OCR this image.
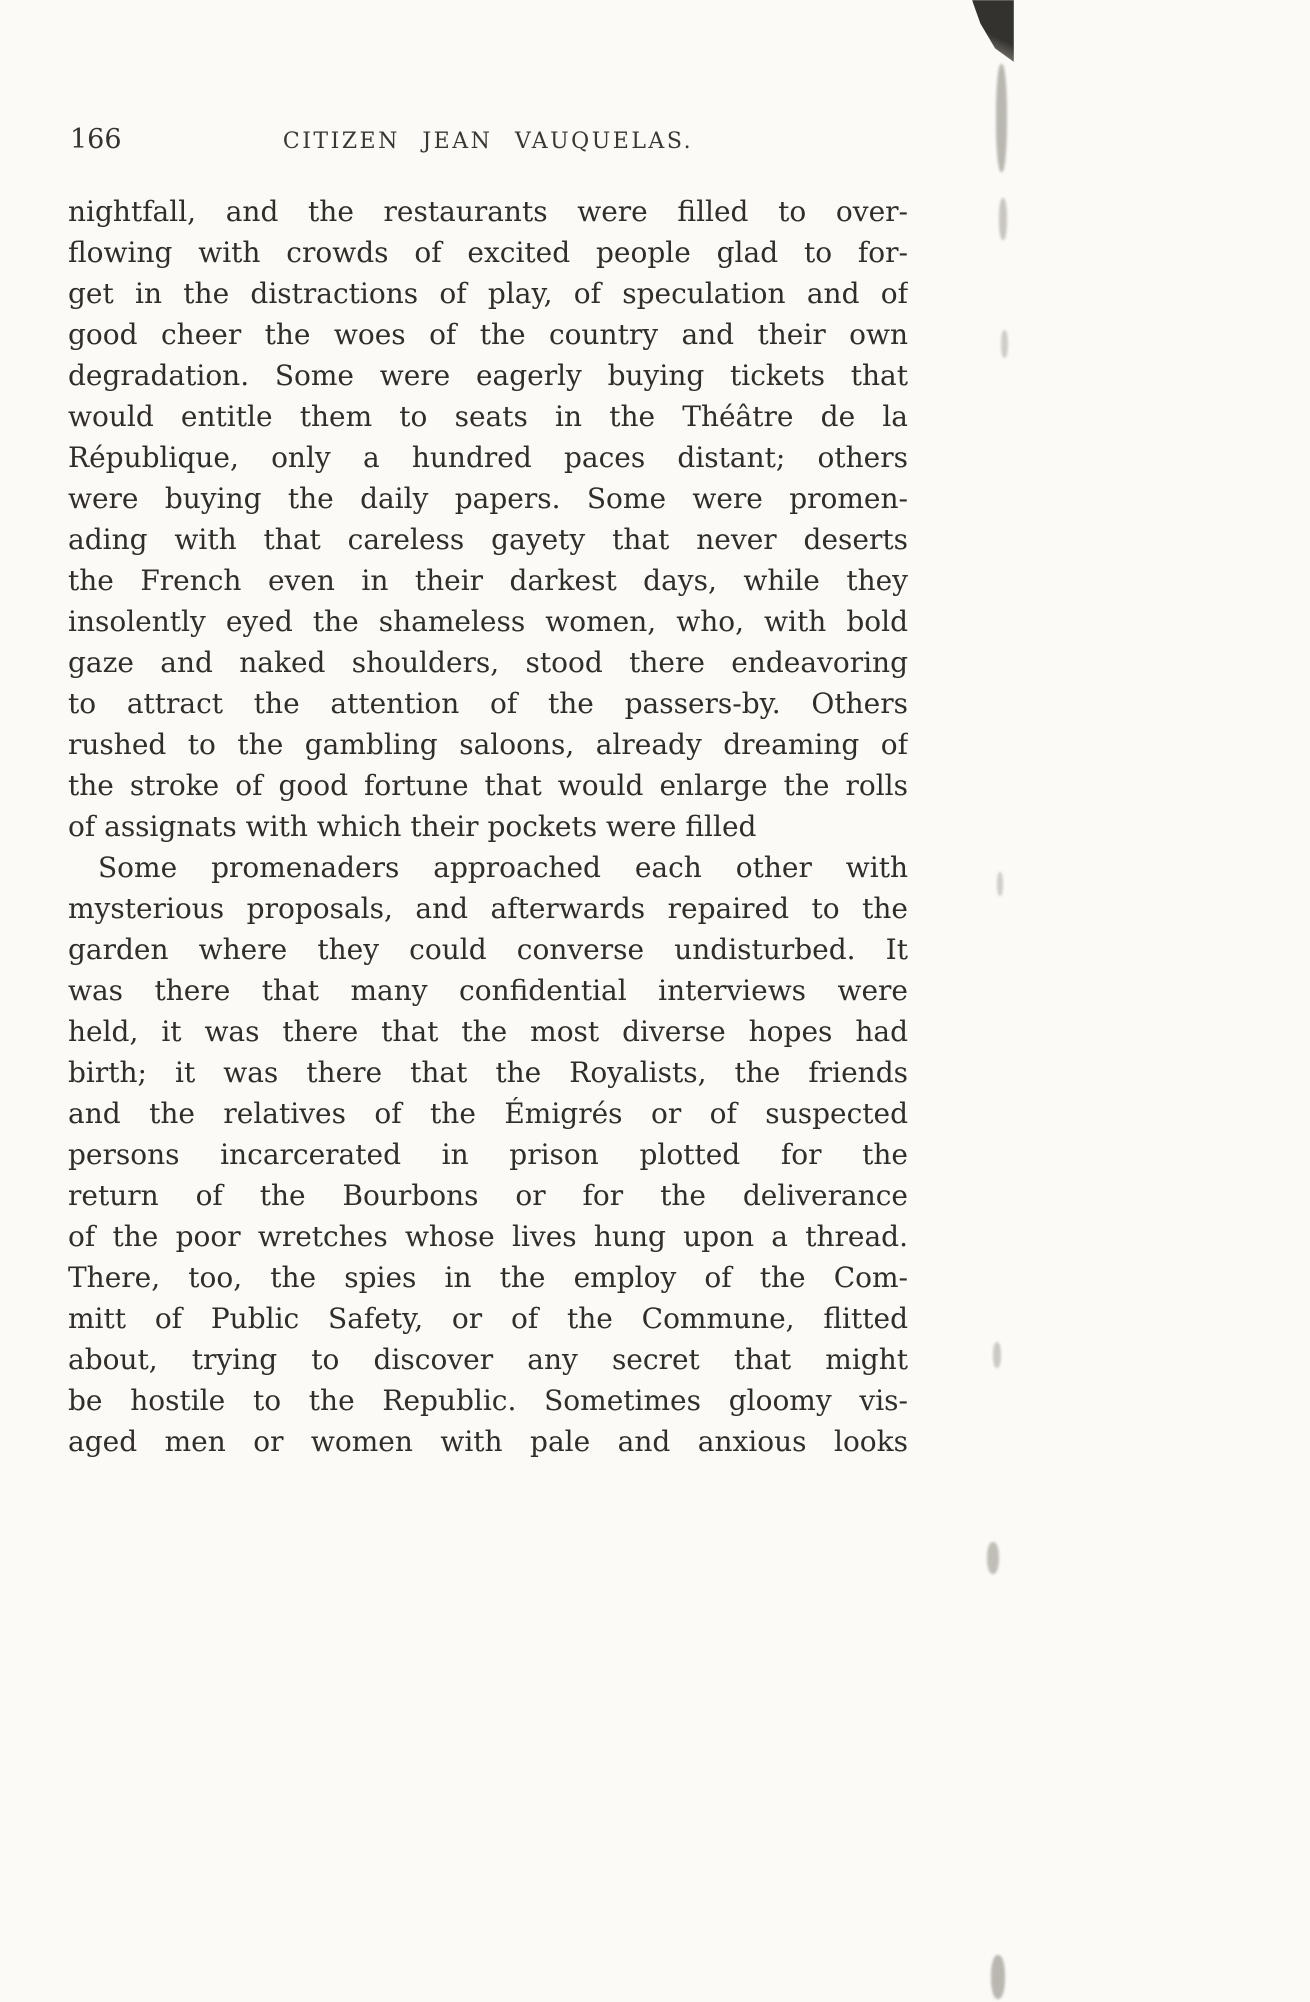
166	CITIZEN JEAN VAUQUELAS.
nightfall, and the restaurants were filled to over-
flowing with crowds of excited people glad to for-
get in the distractions of play, of speculation and of
good cheer the woes of the country and their own
degradation. Some were eagerly buying tickets that
would entitle them to seats in the Théâtre de la
République, only a hundred paces distant; others
were buying the daily papers. Some were promen-
ading with that careless gayety that never deserts
the French even in their darkest days, while they
insolently eyed the shameless women, who, with bold
gaze and naked shoulders, stood there endeavoring
to attract the attention of the passers-by. Others
rushed to the gambling saloons, already dreaming of
the stroke of good fortune that would enlarge the rolls
of assignats with which their pockets were filled
Some promenaders approached each other with
mysterious proposals, and afterwards repaired to the
garden where they could converse undisturbed. It
was there that many confidential interviews were
held, it was there that the most diverse hopes had
birth; it was there that the Royalists, the friends
and the relatives of the Émigrés or of suspected
persons incarcerated in prison plotted for the
return of the Bourbons or for the deliverance
of the poor wretches whose lives hung upon a thread.
There, too, the spies in the employ of the Com-
mitt of Public Safety, or of the Commune, flitted
about, trying to discover any secret that might
be hostile to the Republic. Sometimes gloomy vis-
aged men or women with pale and anxious looks
